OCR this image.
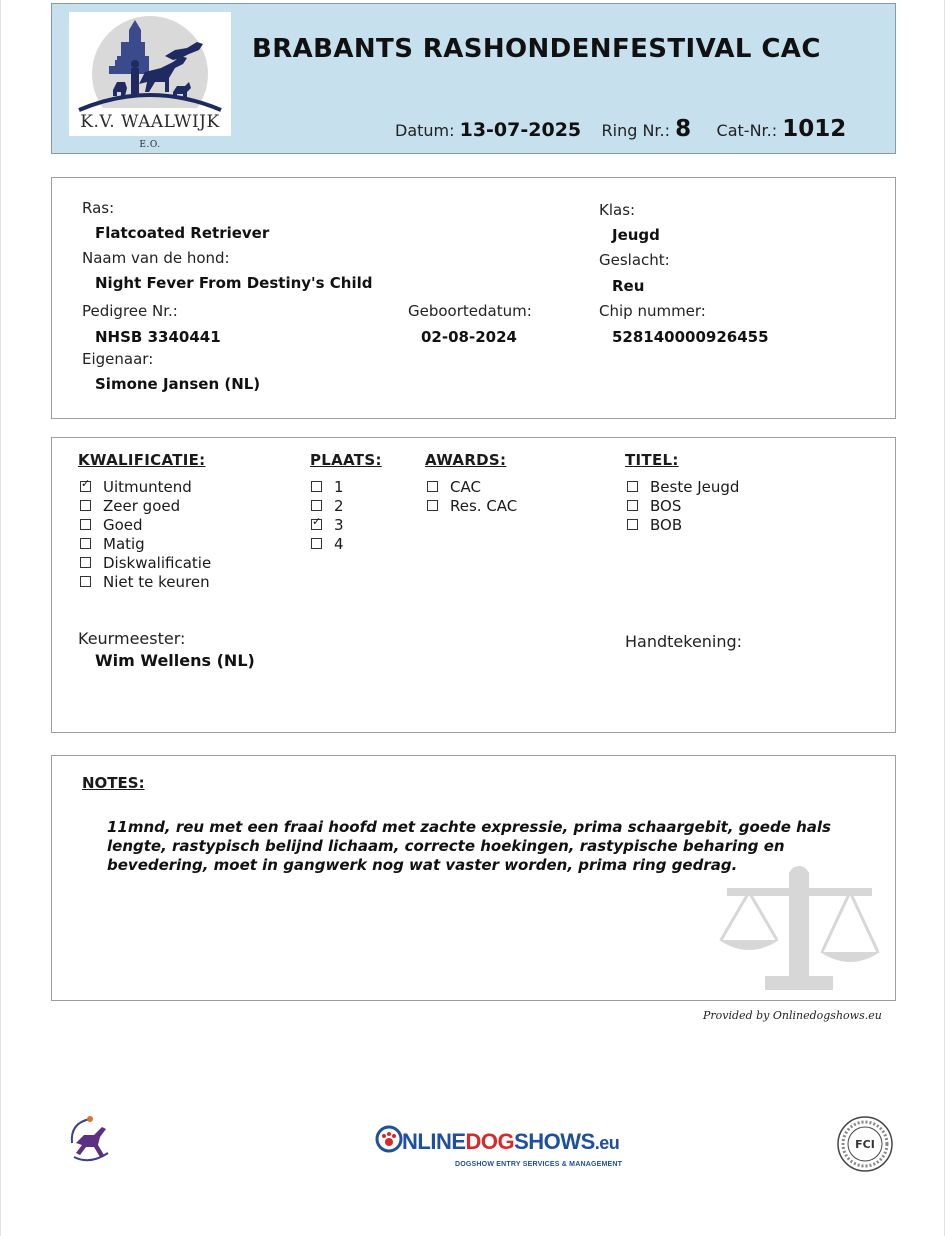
K.V. WAALWIJK E.O.
BRABANTS RASHONDENFESTIVAL CAC
Datum: 13-07-2025 Ring Nr.: 8 Cat-Nr.: 1012
Ras:
Flatcoated Retriever
Naam van de hond:
Night Fever From Destiny's Child
Pedigree Nr.:
NHSB 3340441
Eigenaar:
Simone Jansen (NL)
Geboortedatum:
02-08-2024
Klas:
Jeugd
Geslacht:
Reu
Chip nummer:
528140000926455
KWALIFICATIE:
✓
Uitmuntend
Zeer goed
Goed
Matig
Diskwalificatie
Niet te keuren
PLAATS:
1
2
✓
3
4
AWARDS:
CAC
Res. CAC
TITEL:
Beste Jeugd
BOS
BOB
Keurmeester:
Wim Wellens (NL)
Handtekening:
NOTES:
11mnd, reu met een fraai hoofd met zachte expressie, prima schaargebit, goede hals lengte, rastypisch belijnd lichaam, correcte hoekingen, rastypische beharing en bevedering, moet in gangwerk nog wat vaster worden, prima ring gedrag.
Provided by Onlinedogshows.eu
NLINEDOGSHOWS.eu
DOGSHOW ENTRY SERVICES & MANAGEMENT
FCI
